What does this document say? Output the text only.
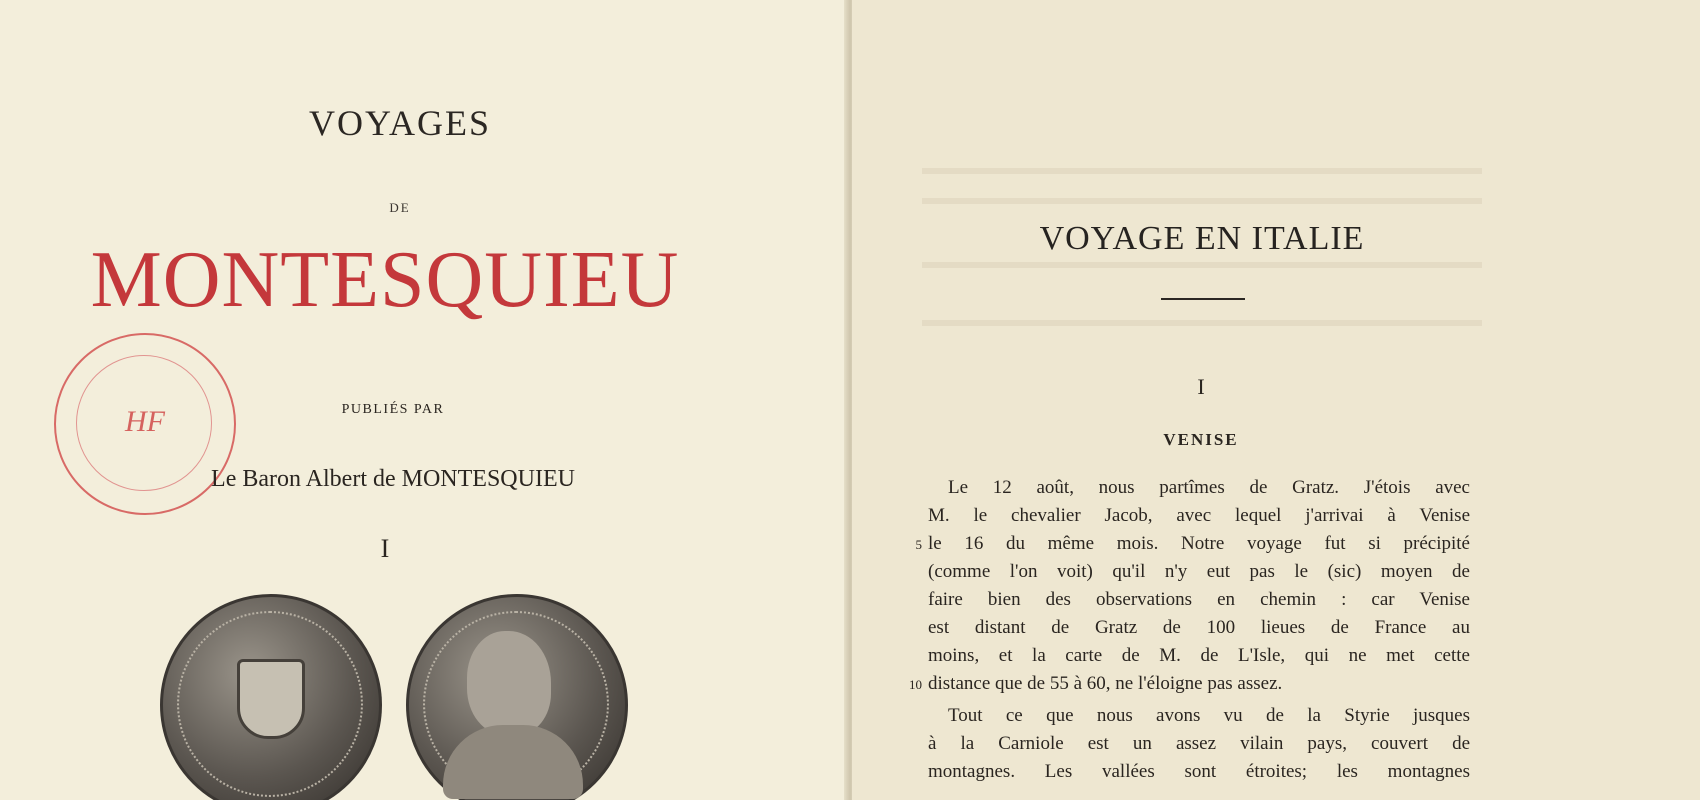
VOYAGES
DE
MONTESQUIEU
HF	PUBLIÉS PAR
Le Baron Albert de MONTESQUIEU
I
VOYAGE EN ITALIE
I
VENISE
Le 12 août, nous partîmes de Gratz. J'étois avec
M. le chevalier Jacob, avec lequel j'arrivai à Venise
5 le 16 du même mois. Notre voyage fut si précipité
(comme l'on voit) qu'il n'y eut pas le (sic) moyen de
faire bien des observations en chemin : car Venise
est distant de Gratz de 100 lieues de France au
moins, et la carte de M. de L'Isle, qui ne met cette
10 distance que de 55 à 60, ne l'éloigne pas assez.
Tout ce que nous avons vu de la Styrie jusques
à la Carniole est un assez vilain pays, couvert de
montagnes. Les vallées sont étroites; les montagnes
